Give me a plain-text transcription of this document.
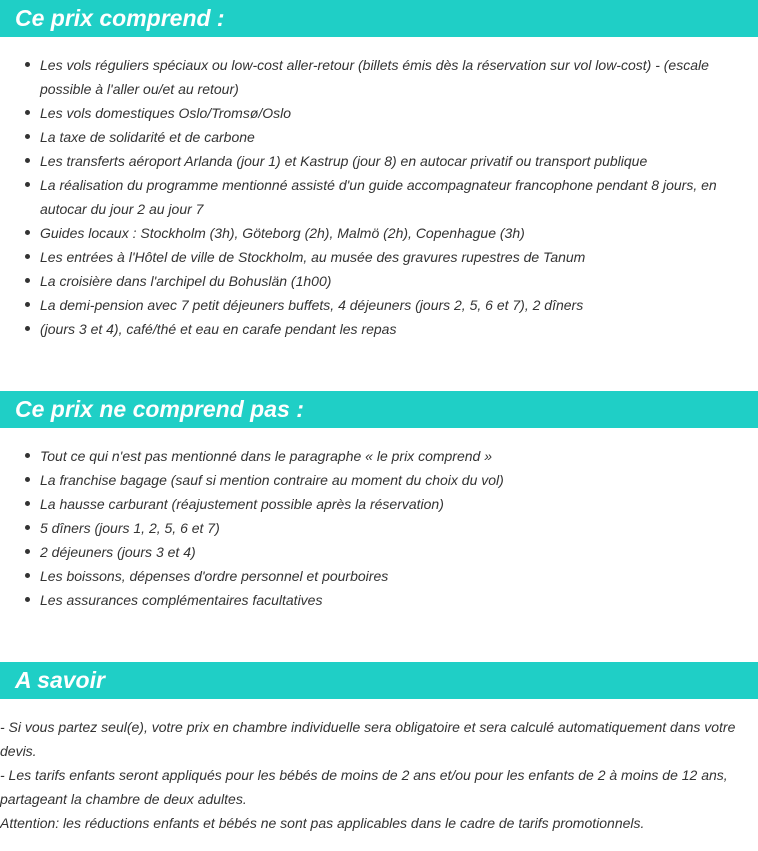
Ce prix comprend :
Les vols réguliers spéciaux ou low-cost aller-retour (billets émis dès la réservation sur vol low-cost) - (escale possible à l'aller ou/et au retour)
Les vols domestiques Oslo/Tromsø/Oslo
La taxe de solidarité et de carbone
Les transferts aéroport Arlanda (jour 1) et Kastrup (jour 8) en autocar privatif ou transport publique
La réalisation du programme mentionné assisté d'un guide accompagnateur francophone pendant 8 jours, en autocar du jour 2 au jour 7
Guides locaux : Stockholm (3h), Göteborg (2h), Malmö (2h), Copenhague (3h)
Les entrées à l'Hôtel de ville de Stockholm, au musée des gravures rupestres de Tanum
La croisière dans l'archipel du Bohuslän (1h00)
La demi-pension avec 7 petit déjeuners buffets, 4 déjeuners (jours 2, 5, 6 et 7), 2 dîners
(jours 3 et 4), café/thé et eau en carafe pendant les repas
Ce prix ne comprend pas :
Tout ce qui n'est pas mentionné dans le paragraphe « le prix comprend »
La franchise bagage (sauf si mention contraire au moment du choix du vol)
La hausse carburant (réajustement possible après la réservation)
5 dîners (jours 1, 2, 5, 6 et 7)
2 déjeuners (jours 3 et 4)
Les boissons, dépenses d'ordre personnel et pourboires
Les assurances complémentaires facultatives
A savoir
- Si vous partez seul(e), votre prix en chambre individuelle sera obligatoire et sera calculé automatiquement dans votre devis.
- Les tarifs enfants seront appliqués pour les bébés de moins de 2 ans et/ou pour les enfants de 2 à moins de 12 ans, partageant la chambre de deux adultes.
Attention: les réductions enfants et bébés ne sont pas applicables dans le cadre de tarifs promotionnels.
